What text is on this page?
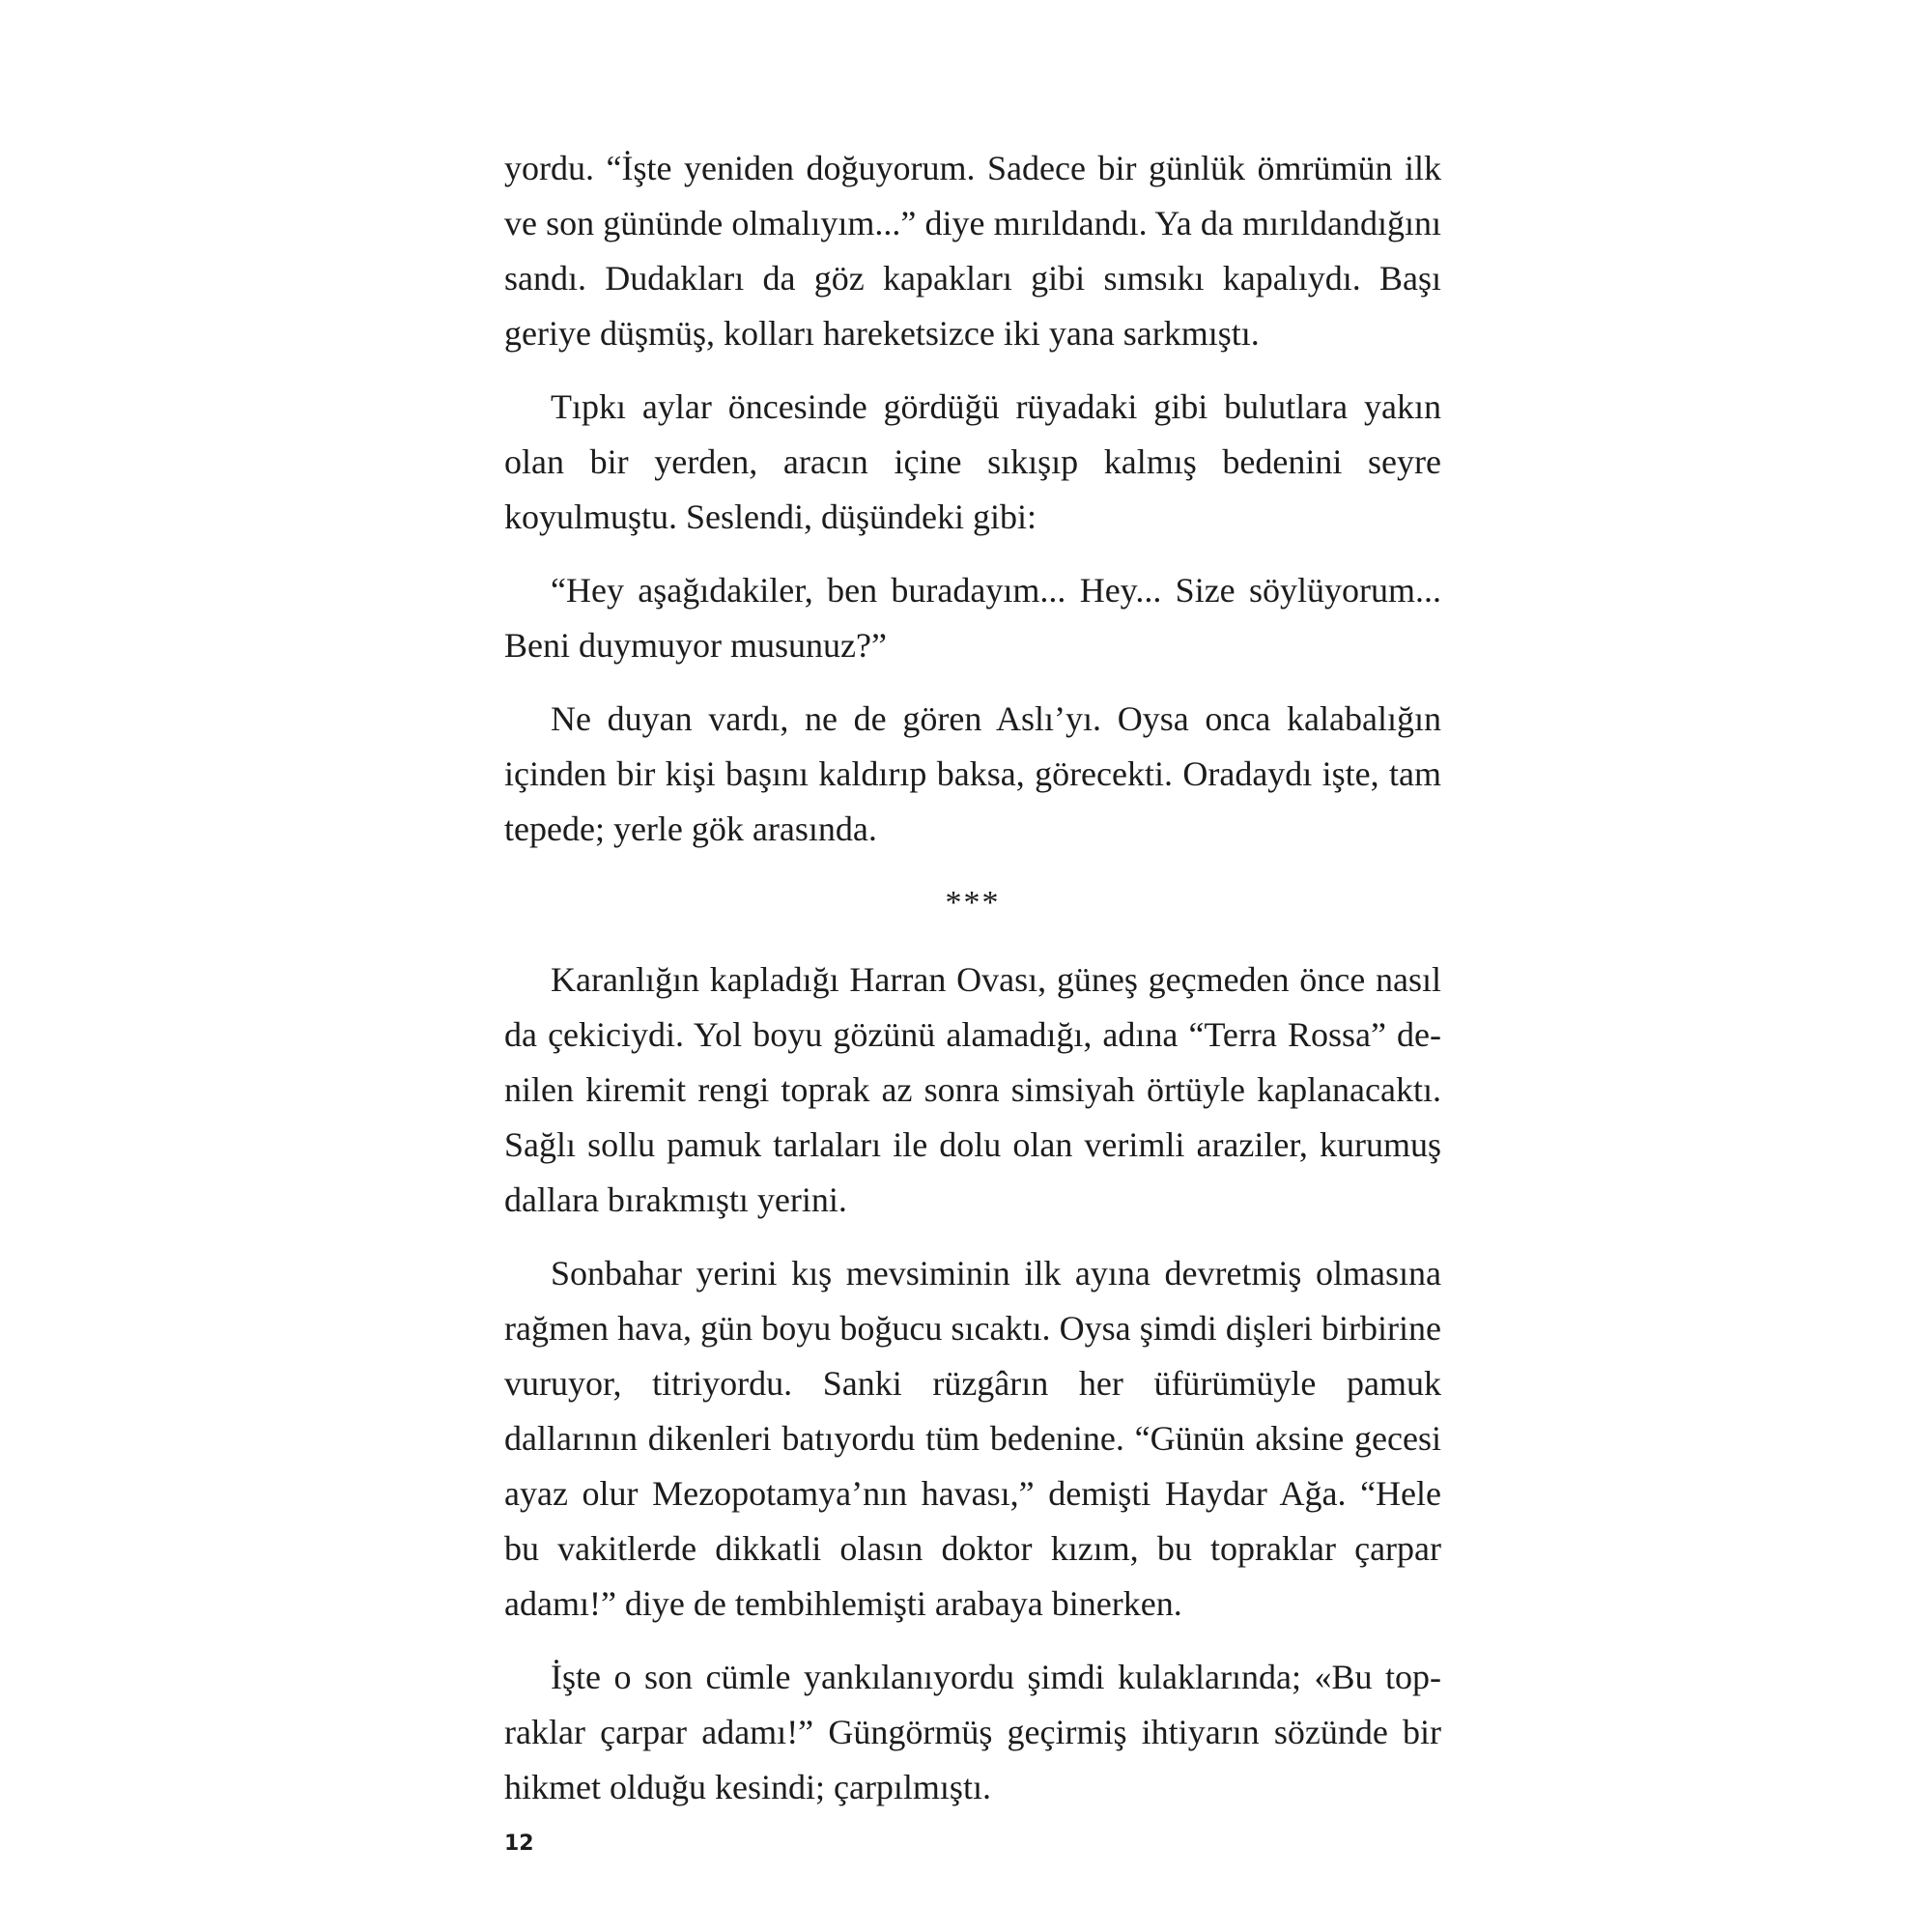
yordu. “İşte yeniden doğuyorum. Sadece bir günlük ömrümün ilk ve son gününde olmalıyım...” diye mırıldandı. Ya da mırıldandığını sandı. Dudakları da göz kapakları gibi sımsıkı kapalıydı. Başı geriye düşmüş, kolları hareketsizce iki yana sarkmıştı.

Tıpkı aylar öncesinde gördüğü rüyadaki gibi bulutlara yakın olan bir yerden, aracın içine sıkışıp kalmış bedenini seyre koyulmuştu. Seslendi, düşündeki gibi:

“Hey aşağıdakiler, ben buradayım... Hey... Size söylüyorum... Beni duymuyor musunuz?”

Ne duyan vardı, ne de gören Aslı’yı. Oysa onca kalabalığın içinden bir kişi başını kaldırıp baksa, görecekti. Oradaydı işte, tam tepede; yerle gök arasında.

***

Karanlığın kapladığı Harran Ovası, güneş geçmeden önce nasıl da çekiciydi. Yol boyu gözünü alamadığı, adına “Terra Rossa” denilen kiremit rengi toprak az sonra simsiyah örtüyle kaplanacaktı. Sağlı sollu pamuk tarlaları ile dolu olan verimli araziler, kurumuş dallara bırakmıştı yerini.

Sonbahar yerini kış mevsiminin ilk ayına devretmiş olmasına rağmen hava, gün boyu boğucu sıcaktı. Oysa şimdi dişleri birbirine vuruyor, titriyordu. Sanki rüzgârın her üfürümüyle pamuk dallarının dikenleri batıyordu tüm bedenine. “Günün aksine gecesi ayaz olur Mezopotamya’nın havası,” demişti Haydar Ağa. “Hele bu vakitlerde dikkatli olasın doktor kızım, bu topraklar çarpar adamı!” diye de tembihlemişti arabaya binerken.

İşte o son cümle yankılanıyordu şimdi kulaklarında; «Bu topraklar çarpar adamı!” Güngörmüş geçirmiş ihtiyarın sözünde bir hikmet olduğu kesindi; çarpılmıştı.

12
